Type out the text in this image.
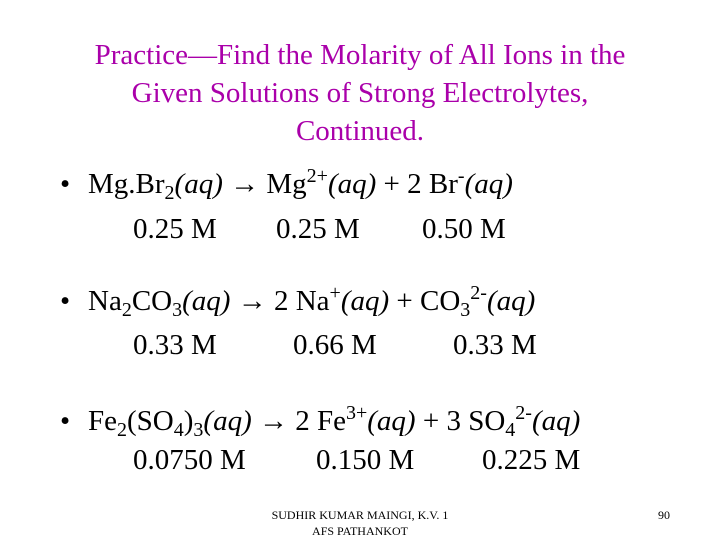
Practice—Find the Molarity of All Ions in the
Given Solutions of Strong Electrolytes,
Continued.
• $Mg.Br_2(aq) \to Mg^{2+}(aq) + 2$ Br-(aq)
0.25 M 0.25 M 0.50 M
• $Na_2CO_3(aq) \to 2$ $Na^+(aq) + CO_3^{2-}(aq)$
0.33 M	0.66 M	0.33 M
• $Fe_2(SO_4)_3(aq) \to 2$ $Fe^{3+}(aq) + 3$ $SO_4^{2-}(aq)$
0.0750 M 0.150 M 0.225 M
SUDHIR KUMAR MAINGI, K.V. 1
AFS PATHANKOT
90
